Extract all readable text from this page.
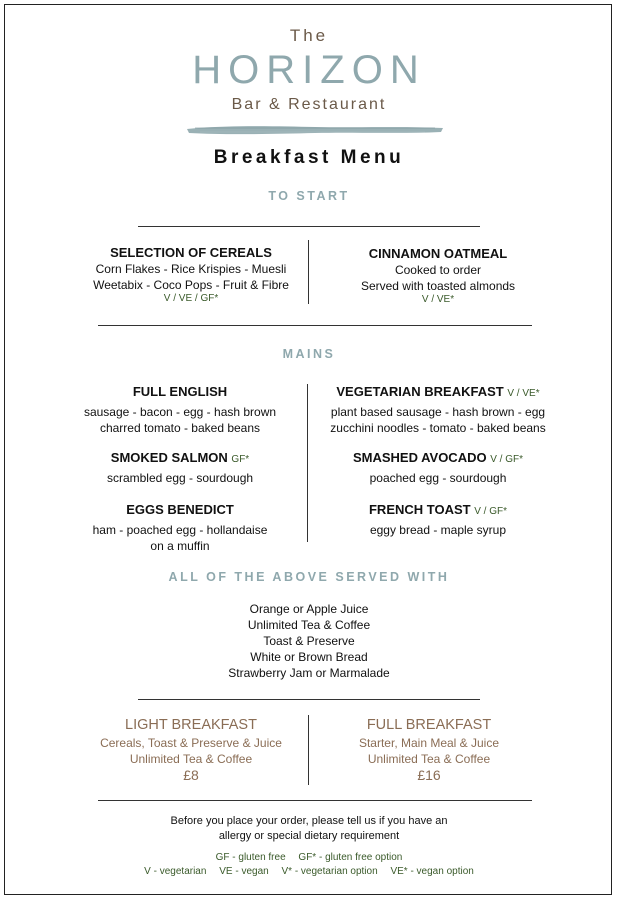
The
HORIZON
Bar & Restaurant
Breakfast Menu
TO START
SELECTION OF CEREALS
Corn Flakes - Rice Krispies - Muesli
Weetabix - Coco Pops - Fruit & Fibre
V / VE / GF*
CINNAMON OATMEAL
Cooked to order
Served with toasted almonds
V / VE*
MAINS
FULL ENGLISH
sausage - bacon - egg - hash brown
charred tomato - baked beans
SMOKED SALMON GF*
scrambled egg - sourdough
EGGS BENEDICT
ham - poached egg - hollandaise
on a muffin
VEGETARIAN BREAKFAST V / VE*
plant based sausage - hash brown - egg
zucchini noodles - tomato - baked beans
SMASHED AVOCADO V / GF*
poached egg - sourdough
FRENCH TOAST V / GF*
eggy bread - maple syrup
ALL OF THE ABOVE SERVED WITH
Orange or Apple Juice
Unlimited Tea & Coffee
Toast & Preserve
White or Brown Bread
Strawberry Jam or Marmalade
LIGHT BREAKFAST
Cereals, Toast & Preserve & Juice
Unlimited Tea & Coffee
£8
FULL BREAKFAST
Starter, Main Meal & Juice
Unlimited Tea & Coffee
£16
Before you place your order, please tell us if you have an
allergy or special dietary requirement
GF - gluten free GF* - gluten free option
V - vegetarian VE - vegan V* - vegetarian option VE* - vegan option
